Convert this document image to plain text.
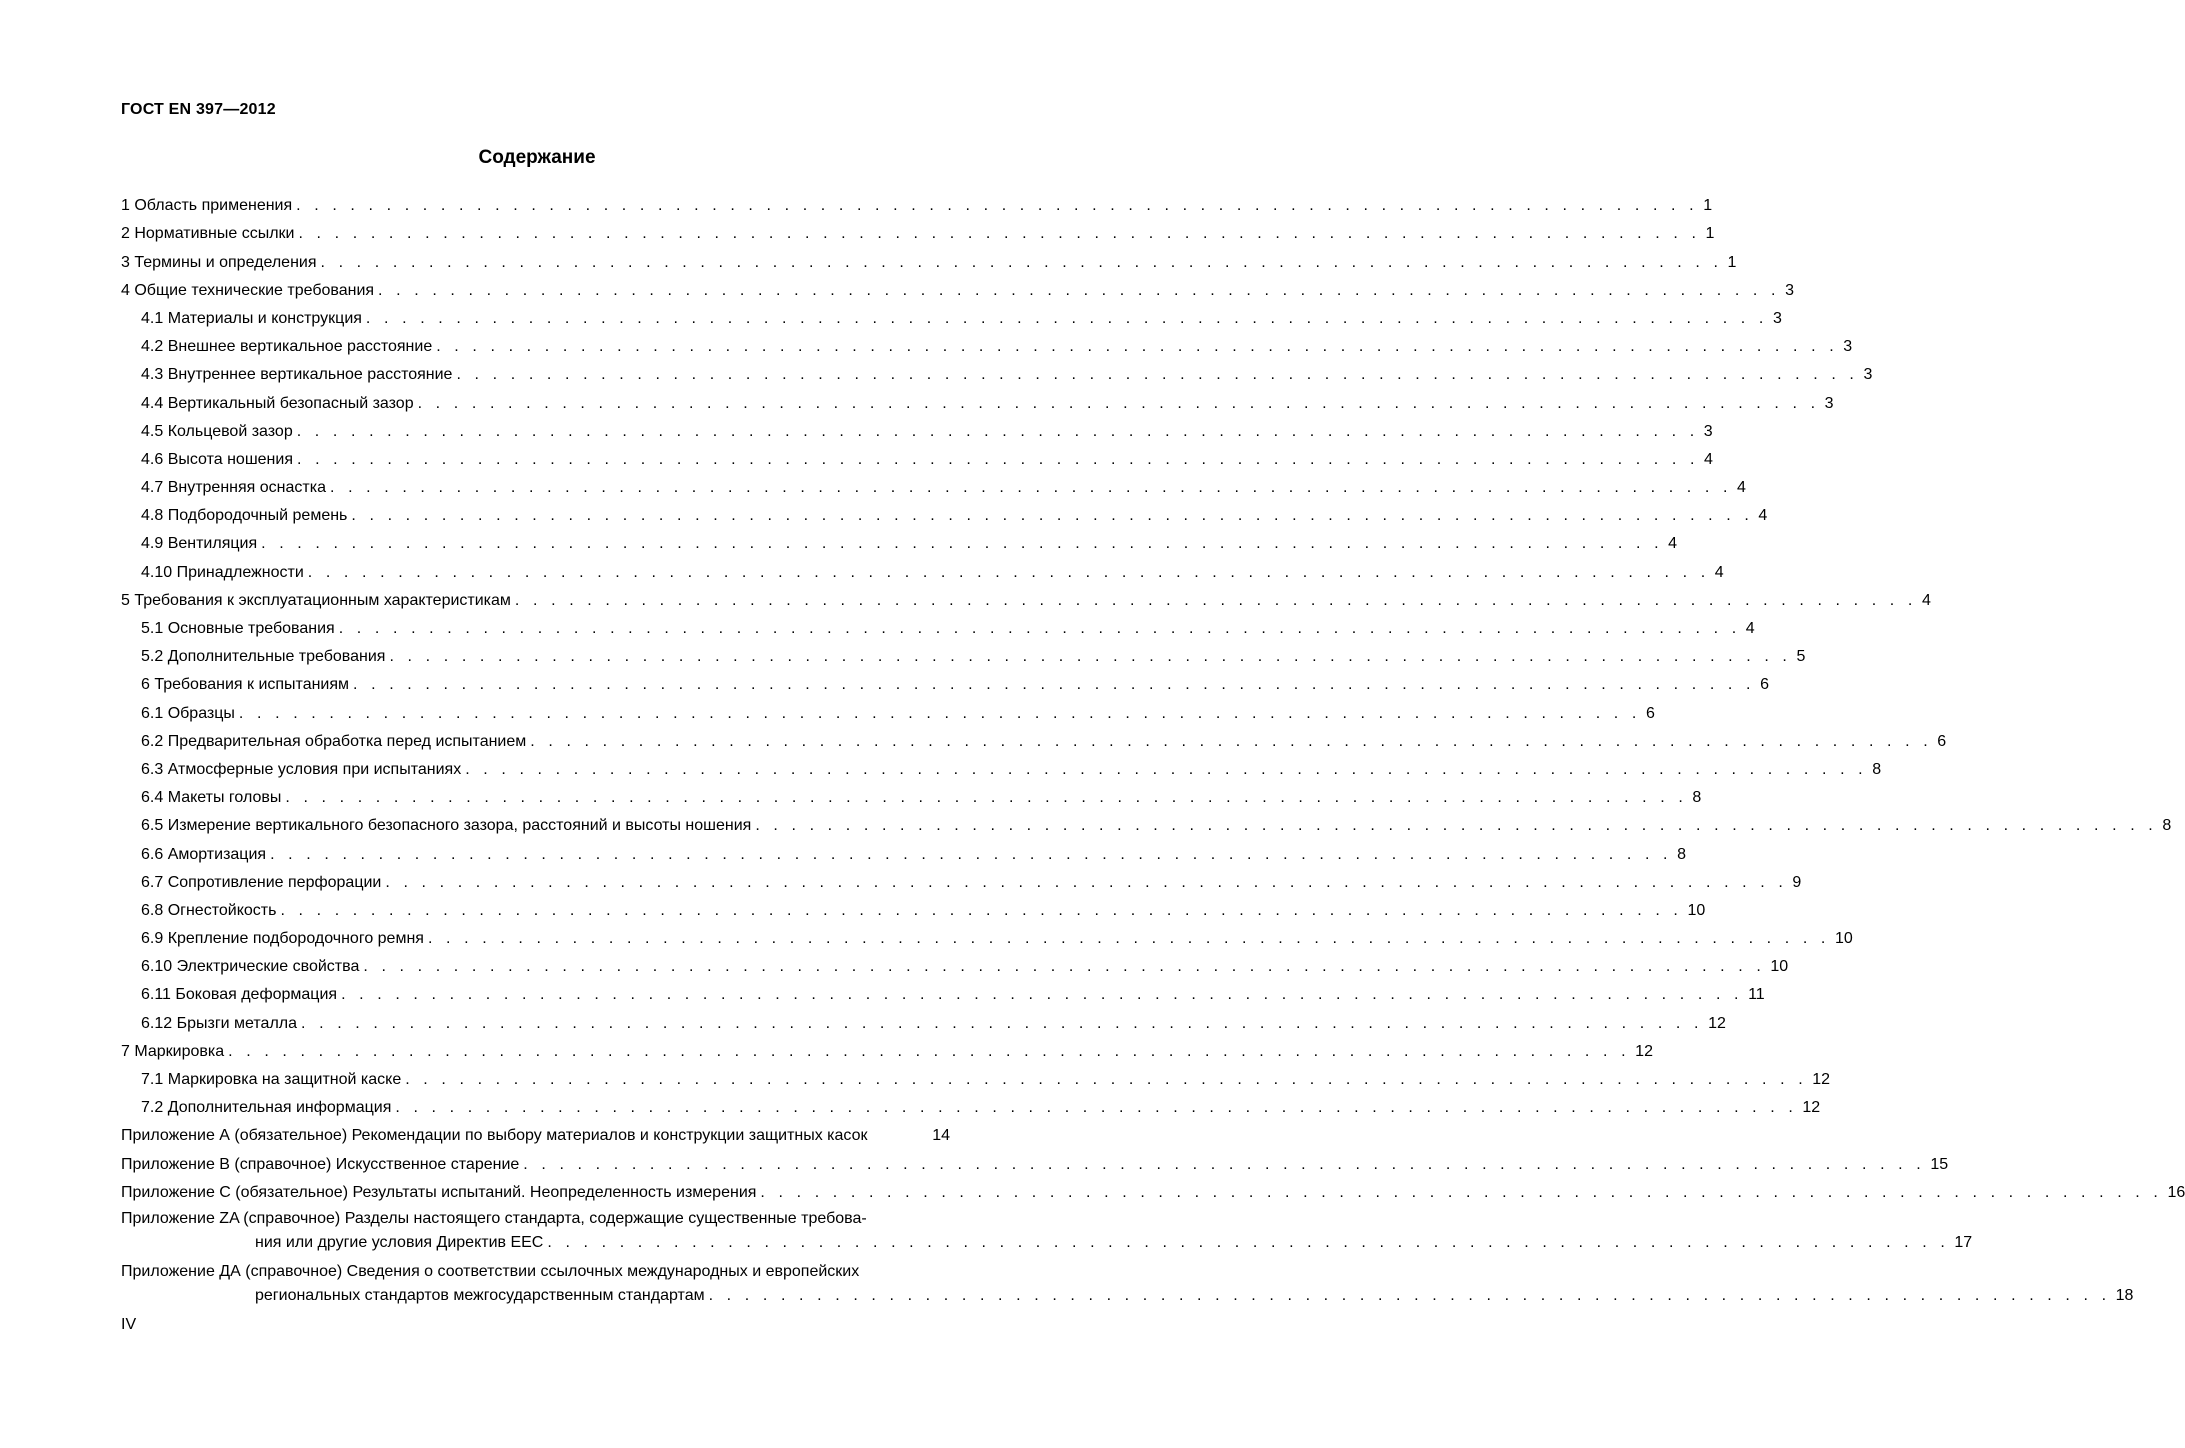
ГОСТ EN 397—2012
Содержание
1 Область применения . . . . . . . . . . . . . . . . . . . . . . . . . . . . . . . . . . . . . . . . . . . . . . . . . . . . . . . . . . . . . . . . . . . . . . . . . . . . . . 1
2 Нормативные ссылки . . . . . . . . . . . . . . . . . . . . . . . . . . . . . . . . . . . . . . . . . . . . . . . . . . . . . . . . . . . . . . . . . . . . . . . . . . . . . . 1
3 Термины и определения . . . . . . . . . . . . . . . . . . . . . . . . . . . . . . . . . . . . . . . . . . . . . . . . . . . . . . . . . . . . . . . . . . . . . . . . . . . . . . 1
4 Общие технические требования . . . . . . . . . . . . . . . . . . . . . . . . . . . . . . . . . . . . . . . . . . . . . . . . . . . . . . . . . . . . . . . . . . . . . . . . . . . . . . 3
4.1 Материалы и конструкция . . . . . . . . . . . . . . . . . . . . . . . . . . . . . . . . . . . . . . . . . . . . . . . . . . . . . . . . . . . . . . . . . . . . . . . . . . . . . . 3
4.2 Внешнее вертикальное расстояние . . . . . . . . . . . . . . . . . . . . . . . . . . . . . . . . . . . . . . . . . . . . . . . . . . . . . . . . . . . . . . . . . . . . . . . . . . . . . . 3
4.3 Внутреннее вертикальное расстояние . . . . . . . . . . . . . . . . . . . . . . . . . . . . . . . . . . . . . . . . . . . . . . . . . . . . . . . . . . . . . . . . . . . . . . . . . . . . . . 3
4.4 Вертикальный безопасный зазор . . . . . . . . . . . . . . . . . . . . . . . . . . . . . . . . . . . . . . . . . . . . . . . . . . . . . . . . . . . . . . . . . . . . . . . . . . . . . . 3
4.5 Кольцевой зазор . . . . . . . . . . . . . . . . . . . . . . . . . . . . . . . . . . . . . . . . . . . . . . . . . . . . . . . . . . . . . . . . . . . . . . . . . . . . . . 3
4.6 Высота ношения . . . . . . . . . . . . . . . . . . . . . . . . . . . . . . . . . . . . . . . . . . . . . . . . . . . . . . . . . . . . . . . . . . . . . . . . . . . . . . 4
4.7 Внутренняя оснастка . . . . . . . . . . . . . . . . . . . . . . . . . . . . . . . . . . . . . . . . . . . . . . . . . . . . . . . . . . . . . . . . . . . . . . . . . . . . . . 4
4.8 Подбородочный ремень . . . . . . . . . . . . . . . . . . . . . . . . . . . . . . . . . . . . . . . . . . . . . . . . . . . . . . . . . . . . . . . . . . . . . . . . . . . . . . 4
4.9 Вентиляция . . . . . . . . . . . . . . . . . . . . . . . . . . . . . . . . . . . . . . . . . . . . . . . . . . . . . . . . . . . . . . . . . . . . . . . . . . . . . . 4
4.10 Принадлежности . . . . . . . . . . . . . . . . . . . . . . . . . . . . . . . . . . . . . . . . . . . . . . . . . . . . . . . . . . . . . . . . . . . . . . . . . . . . . . 4
5 Требования к эксплуатационным характеристикам . . . . . . . . . . . . . . . . . . . . . . . . . . . . . . . . . . . . . . . . . . . . . . . . . . . . . . . . . . . . . . . . . . . . . . . . . . . . . . 4
5.1 Основные требования . . . . . . . . . . . . . . . . . . . . . . . . . . . . . . . . . . . . . . . . . . . . . . . . . . . . . . . . . . . . . . . . . . . . . . . . . . . . . . 4
5.2 Дополнительные требования . . . . . . . . . . . . . . . . . . . . . . . . . . . . . . . . . . . . . . . . . . . . . . . . . . . . . . . . . . . . . . . . . . . . . . . . . . . . . . 5
6 Требования к испытаниям . . . . . . . . . . . . . . . . . . . . . . . . . . . . . . . . . . . . . . . . . . . . . . . . . . . . . . . . . . . . . . . . . . . . . . . . . . . . . . 6
6.1 Образцы . . . . . . . . . . . . . . . . . . . . . . . . . . . . . . . . . . . . . . . . . . . . . . . . . . . . . . . . . . . . . . . . . . . . . . . . . . . . . . 6
6.2 Предварительная обработка перед испытанием . . . . . . . . . . . . . . . . . . . . . . . . . . . . . . . . . . . . . . . . . . . . . . . . . . . . . . . . . . . . . . . . . . . . . . . . . . . . . . 6
6.3 Атмосферные условия при испытаниях . . . . . . . . . . . . . . . . . . . . . . . . . . . . . . . . . . . . . . . . . . . . . . . . . . . . . . . . . . . . . . . . . . . . . . . . . . . . . . 8
6.4 Макеты головы . . . . . . . . . . . . . . . . . . . . . . . . . . . . . . . . . . . . . . . . . . . . . . . . . . . . . . . . . . . . . . . . . . . . . . . . . . . . . . 8
6.5 Измерение вертикального безопасного зазора, расстояний и высоты ношения . . . . . . . . . . . . . . . . . . . . . . . . . . . . . . . . . . . . . . . . . . . . . . . . . . . . . . . . . . . . . . . . . . . . . . . . . . . . . . 8
6.6 Амортизация . . . . . . . . . . . . . . . . . . . . . . . . . . . . . . . . . . . . . . . . . . . . . . . . . . . . . . . . . . . . . . . . . . . . . . . . . . . . . . 8
6.7 Сопротивление перфорации . . . . . . . . . . . . . . . . . . . . . . . . . . . . . . . . . . . . . . . . . . . . . . . . . . . . . . . . . . . . . . . . . . . . . . . . . . . . . . 9
6.8 Огнестойкость . . . . . . . . . . . . . . . . . . . . . . . . . . . . . . . . . . . . . . . . . . . . . . . . . . . . . . . . . . . . . . . . . . . . . . . . . . . . . . 10
6.9 Крепление подбородочного ремня . . . . . . . . . . . . . . . . . . . . . . . . . . . . . . . . . . . . . . . . . . . . . . . . . . . . . . . . . . . . . . . . . . . . . . . . . . . . . . 10
6.10 Электрические свойства . . . . . . . . . . . . . . . . . . . . . . . . . . . . . . . . . . . . . . . . . . . . . . . . . . . . . . . . . . . . . . . . . . . . . . . . . . . . . . 10
6.11 Боковая деформация . . . . . . . . . . . . . . . . . . . . . . . . . . . . . . . . . . . . . . . . . . . . . . . . . . . . . . . . . . . . . . . . . . . . . . . . . . . . . . 11
6.12 Брызги металла . . . . . . . . . . . . . . . . . . . . . . . . . . . . . . . . . . . . . . . . . . . . . . . . . . . . . . . . . . . . . . . . . . . . . . . . . . . . . . 12
7 Маркировка . . . . . . . . . . . . . . . . . . . . . . . . . . . . . . . . . . . . . . . . . . . . . . . . . . . . . . . . . . . . . . . . . . . . . . . . . . . . . . 12
7.1 Маркировка на защитной каске . . . . . . . . . . . . . . . . . . . . . . . . . . . . . . . . . . . . . . . . . . . . . . . . . . . . . . . . . . . . . . . . . . . . . . . . . . . . . . 12
7.2 Дополнительная информация . . . . . . . . . . . . . . . . . . . . . . . . . . . . . . . . . . . . . . . . . . . . . . . . . . . . . . . . . . . . . . . . . . . . . . . . . . . . . . 12
Приложение А (обязательное) Рекомендации по выбору материалов и конструкции защитных касок	14
Приложение В (справочное) Искусственное старение . . . . . . . . . . . . . . . . . . . . . . . . . . . . . . . . . . . . . . . . . . . . . . . . . . . . . . . . . . . . . . . . . . . . . . . . . . . . . . 15
Приложение С (обязательное) Результаты испытаний. Неопределенность измерения . . . . . . . . . . . . . . . . . . . . . . . . . . . . . . . . . . . . . . . . . . . . . . . . . . . . . . . . . . . . . . . . . . . . . . . . . . . . . . 16
Приложение ZA (справочное) Разделы настоящего стандарта, содержащие существенные требова-
ния или другие условия Директив ЕЕС . . . . . . . . . . . . . . . . . . . . . . . . . . . . . . . . . . . . . . . . . . . . . . . . . . . . . . . . . . . . . . . . . . . . . . . . . . . . . . 17
Приложение ДА (справочное) Сведения о соответствии ссылочных международных и европейских
региональных стандартов межгосударственным стандартам . . . . . . . . . . . . . . . . . . . . . . . . . . . . . . . . . . . . . . . . . . . . . . . . . . . . . . . . . . . . . . . . . . . . . . . . . . . . . . 18
IV
